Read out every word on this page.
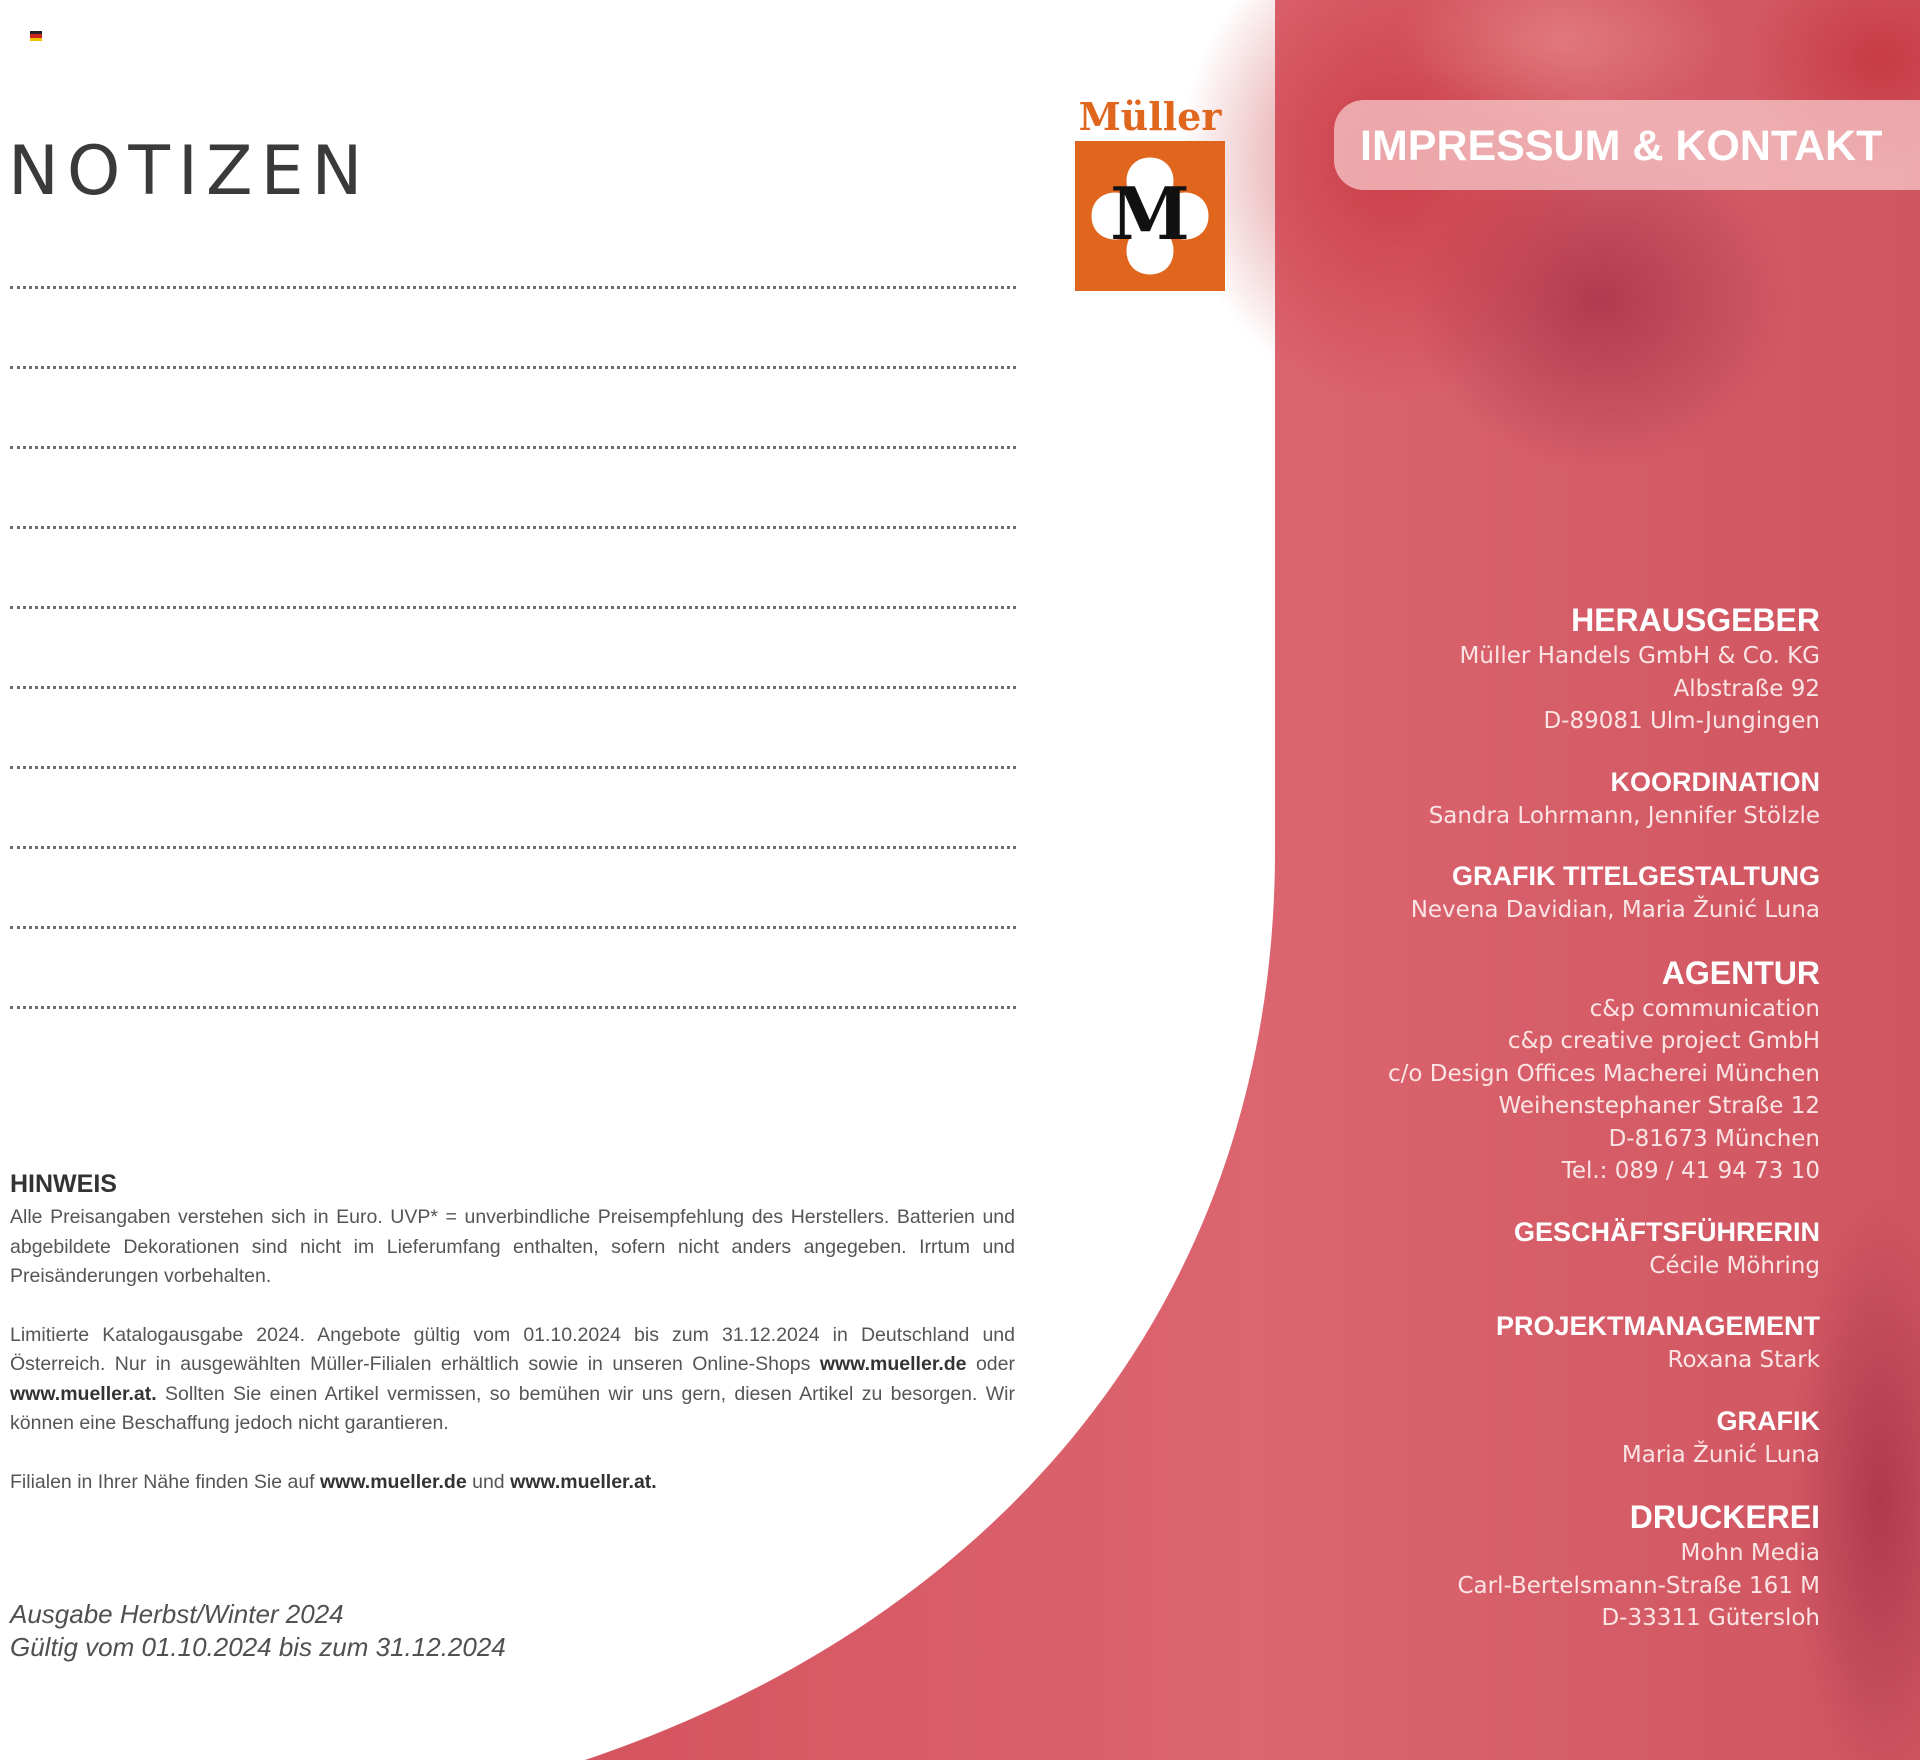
NOTIZEN
Müller
M
HINWEIS

Alle Preisangaben verstehen sich in Euro. UVP* = unverbindliche Preisempfehlung des Herstellers. Batterien und abgebildete Dekorationen sind nicht im Lieferumfang enthalten, sofern nicht anders angegeben. Irrtum und Preisänderungen vorbehalten.

Limitierte Katalogausgabe 2024. Angebote gültig vom 01.10.2024 bis zum 31.12.2024 in Deutschland und Österreich. Nur in ausgewählten Müller-Filialen erhältlich sowie in unseren Online-Shops www.mueller.de oder www.mueller.at. Sollten Sie einen Artikel vermissen, so bemühen wir uns gern, diesen Artikel zu besorgen. Wir können eine Beschaffung jedoch nicht garantieren.

Filialen in Ihrer Nähe finden Sie auf www.mueller.de und www.mueller.at.

Ausgabe Herbst/Winter 2024
Gültig vom 01.10.2024 bis zum 31.12.2024
IMPRESSUM & KONTAKT
HERAUSGEBER
Müller Handels GmbH & Co. KG
Albstraße 92
D-89081 Ulm-Jungingen
KOORDINATION
Sandra Lohrmann, Jennifer Stölzle
GRAFIK TITELGESTALTUNG
Nevena Davidian, Maria Žunić Luna
AGENTUR
c&p communication
c&p creative project GmbH
c/o Design Offices Macherei München
Weihenstephaner Straße 12
D-81673 München
Tel.: 089 / 41 94 73 10
GESCHÄFTSFÜHRERIN
Cécile Möhring
PROJEKTMANAGEMENT
Roxana Stark
GRAFIK
Maria Žunić Luna
DRUCKEREI
Mohn Media
Carl-Bertelsmann-Straße 161 M
D-33311 Gütersloh
